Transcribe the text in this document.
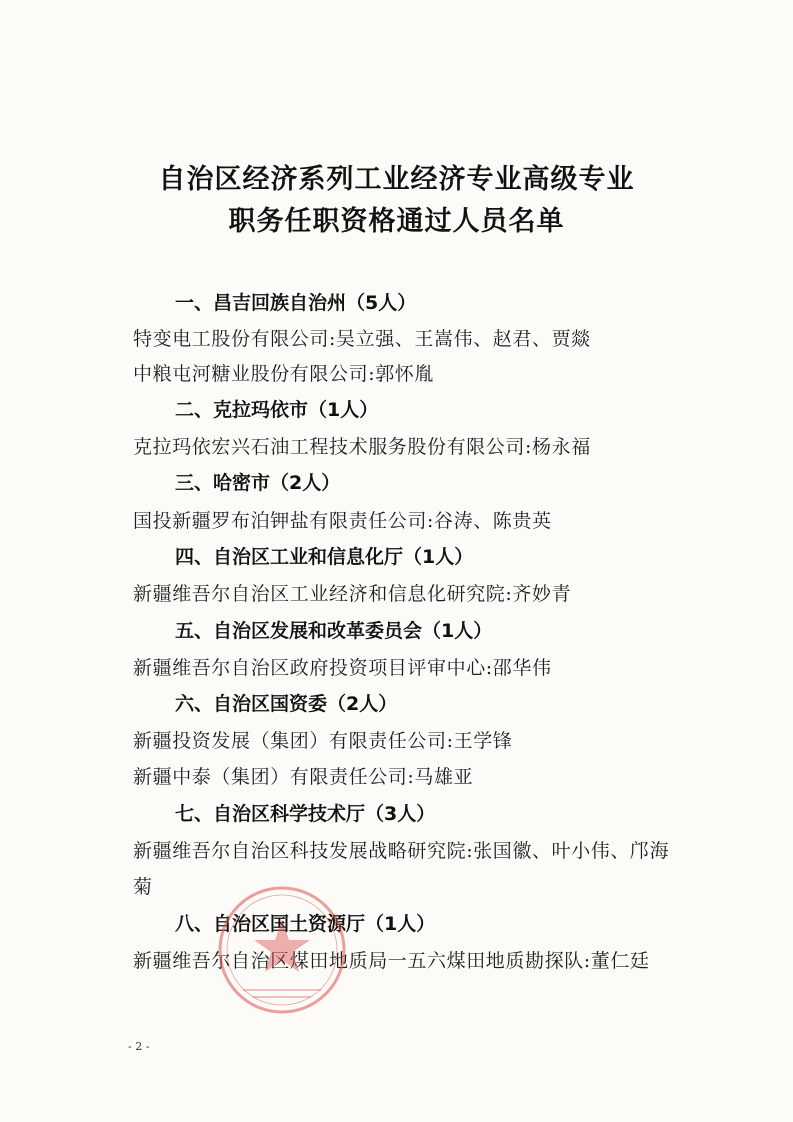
自治区经济系列工业经济专业高级专业
职务任职资格通过人员名单
一、昌吉回族自治州（5人）
特变电工股份有限公司:吴立强、王嵩伟、赵君、贾燚
中粮屯河糖业股份有限公司:郭怀胤
二、克拉玛依市（1人）
克拉玛依宏兴石油工程技术服务股份有限公司:杨永福
三、哈密市（2人）
国投新疆罗布泊钾盐有限责任公司:谷涛、陈贵英
四、自治区工业和信息化厅（1人）
新疆维吾尔自治区工业经济和信息化研究院:齐妙青
五、自治区发展和改革委员会（1人）
新疆维吾尔自治区政府投资项目评审中心:邵华伟
六、自治区国资委（2人）
新疆投资发展（集团）有限责任公司:王学锋
新疆中泰（集团）有限责任公司:马雄亚
七、自治区科学技术厅（3人）
新疆维吾尔自治区科技发展战略研究院:张国徽、叶小伟、邝海
菊
八、自治区国土资源厅（1人）
新疆维吾尔自治区煤田地质局一五六煤田地质勘探队:董仁廷
- 2 -
